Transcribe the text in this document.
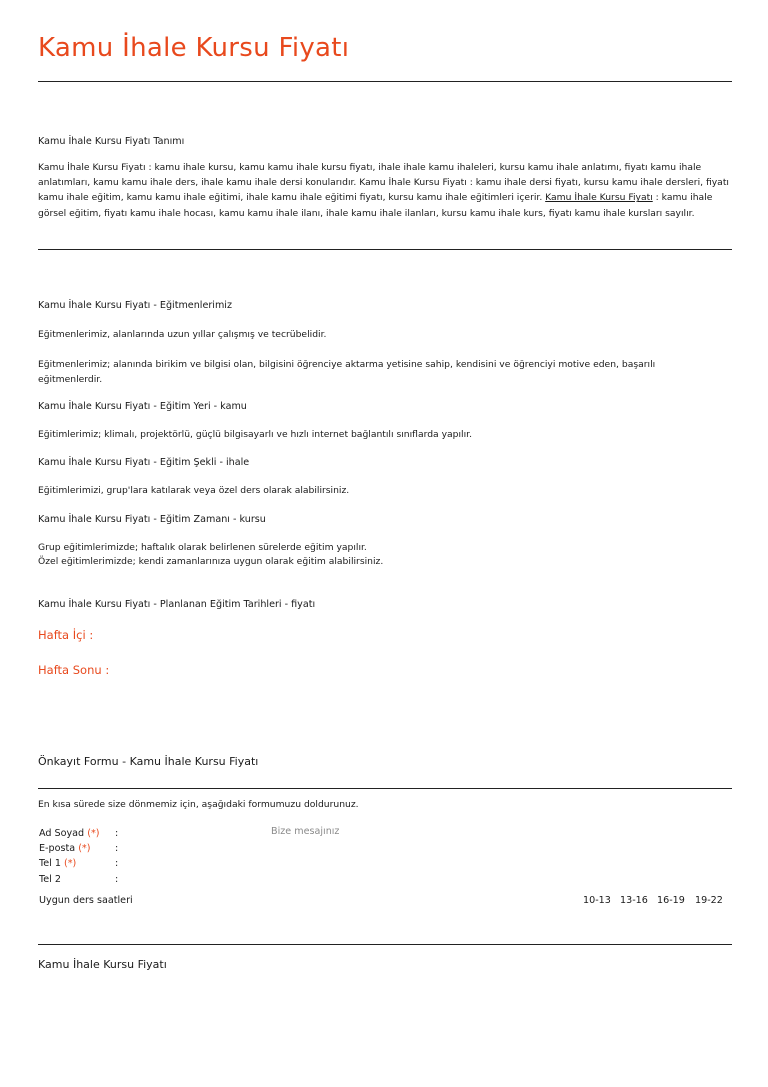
Kamu İhale Kursu Fiyatı
Kamu İhale Kursu Fiyatı Tanımı
Kamu İhale Kursu Fiyatı : kamu ihale kursu, kamu kamu ihale kursu fiyatı, ihale ihale kamu ihaleleri, kursu kamu ihale anlatımı, fiyatı kamu ihale anlatımları, kamu kamu ihale ders, ihale kamu ihale dersi konularıdır. Kamu İhale Kursu Fiyatı : kamu ihale dersi fiyatı, kursu kamu ihale dersleri, fiyatı kamu ihale eğitim, kamu kamu ihale eğitimi, ihale kamu ihale eğitimi fiyatı, kursu kamu ihale eğitimleri içerir. Kamu İhale Kursu Fiyatı : kamu ihale görsel eğitim, fiyatı kamu ihale hocası, kamu kamu ihale ilanı, ihale kamu ihale ilanları, kursu kamu ihale kurs, fiyatı kamu ihale kursları sayılır.
Kamu İhale Kursu Fiyatı - Eğitmenlerimiz
Eğitmenlerimiz, alanlarında uzun yıllar çalışmış ve tecrübelidir.
Eğitmenlerimiz; alanında birikim ve bilgisi olan, bilgisini öğrenciye aktarma yetisine sahip, kendisini ve öğrenciyi motive eden, başarılı eğitmenlerdir.
Kamu İhale Kursu Fiyatı - Eğitim Yeri - kamu
Eğitimlerimiz; klimalı, projektörlü, güçlü bilgisayarlı ve hızlı internet bağlantılı sınıflarda yapılır.
Kamu İhale Kursu Fiyatı - Eğitim Şekli - ihale
Eğitimlerimizi, grup'lara katılarak veya özel ders olarak alabilirsiniz.
Kamu İhale Kursu Fiyatı - Eğitim Zamanı - kursu
Grup eğitimlerimizde; haftalık olarak belirlenen sürelerde eğitim yapılır.
Özel eğitimlerimizde; kendi zamanlarınıza uygun olarak eğitim alabilirsiniz.
Kamu İhale Kursu Fiyatı - Planlanan Eğitim Tarihleri - fiyatı
Hafta İçi :
Hafta Sonu :
Önkayıt Formu - Kamu İhale Kursu Fiyatı
En kısa sürede size dönmemiz için, aşağıdaki formumuzu doldurunuz.
Ad Soyad (*) :
E-posta (*)	:
Tel 1 (*)	:
Tel 2	:
Bize mesajınız
Uygun ders saatleri	10-13 13-16 16-19 19-22
Kamu İhale Kursu Fiyatı
